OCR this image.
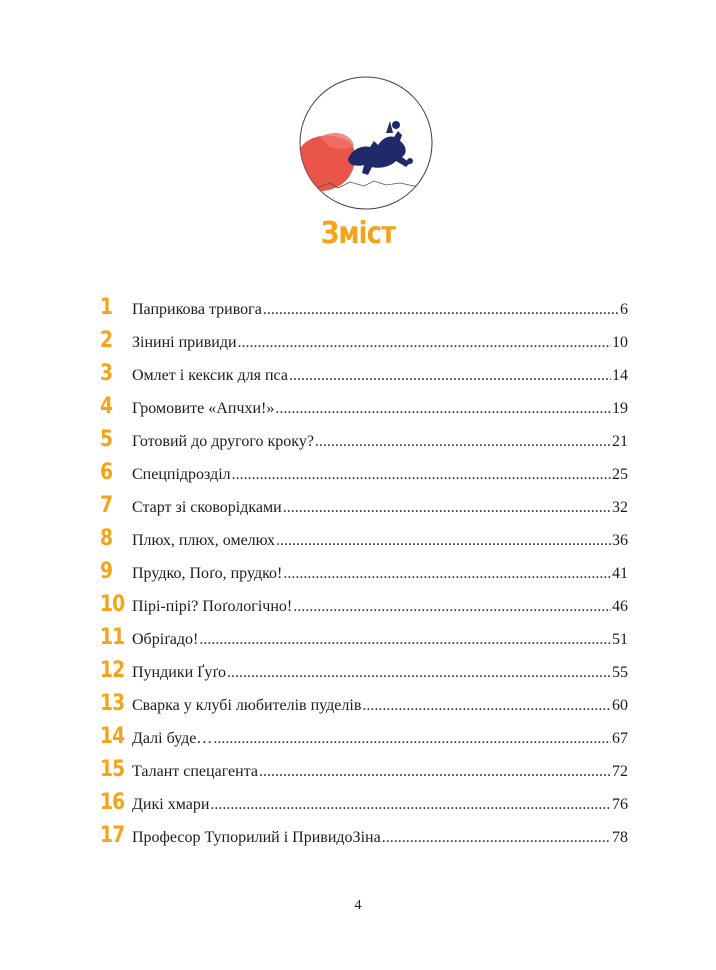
Зміст
1	Паприкова тривога .....	6
2	Зінині привиди .....	10
3	Омлет і кексик для пса .....	14
4	Громовите «Апчхи!» .....	19
5	Готовий до другого кроку? .....	21
6	Спецпідрозділ .....	25
7	Старт зі сковорідками .....	32
8	Плюх, плюх, омелюх .....	36
9	Прудко, Поґо, прудко! .....	41
10 Пірі-пірі? Поґологічно! .....	46
11 Обріґадо! .....	51
12 Пундики Ґуґо .....	55
13 Сварка у клубі любителів пуделів .....	60
14 Далі буде… .....	67
15 Талант спецагента .....	72
16 Дикі хмари .....	76
17 Професор Тупорилий і ПривидоЗіна .....	78
4
